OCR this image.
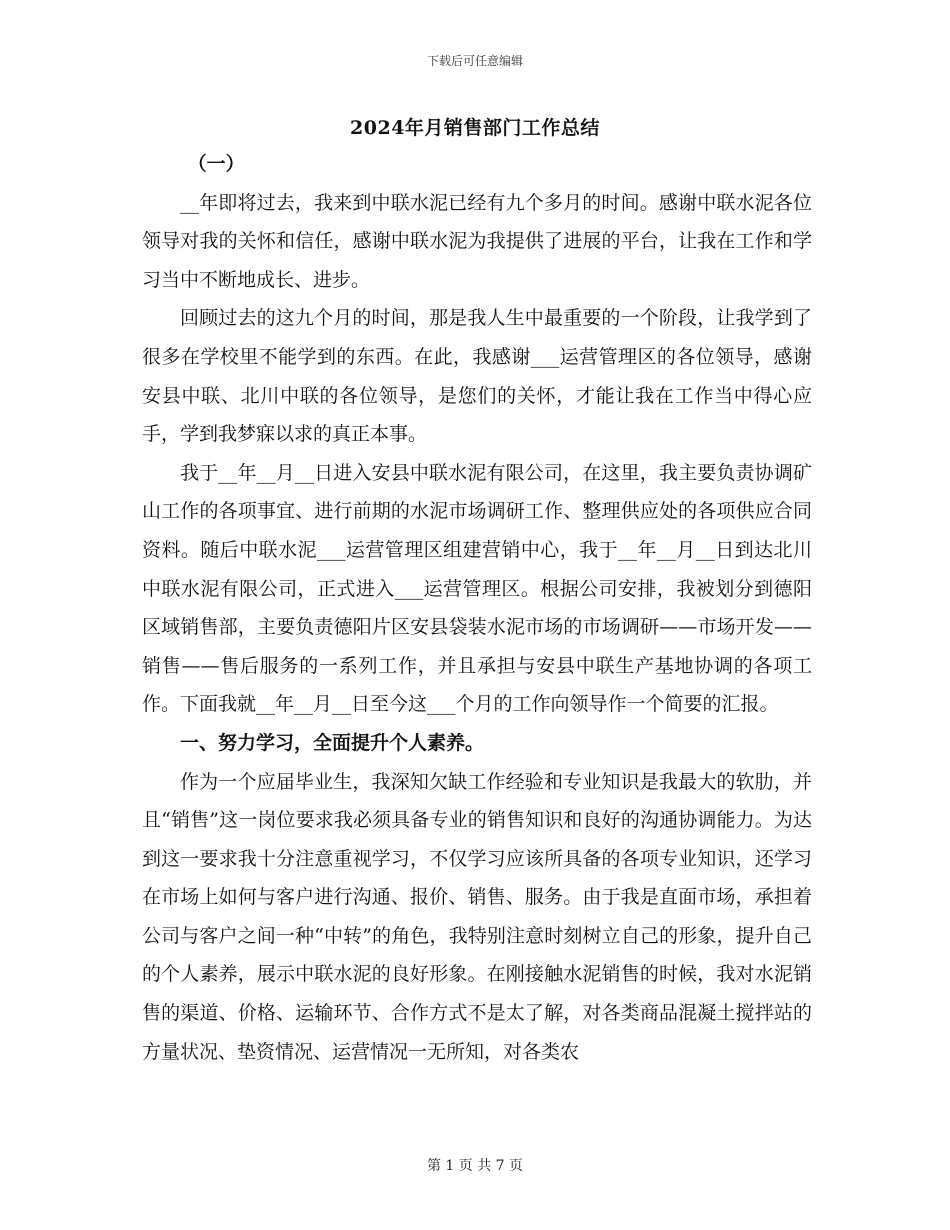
下载后可任意编辑
2024年月销售部门工作总结

（一）

__年即将过去，我来到中联水泥已经有九个多月的时间。感谢中联水泥各位领导对我的关怀和信任，感谢中联水泥为我提供了进展的平台，让我在工作和学习当中不断地成长、进步。

回顾过去的这九个月的时间，那是我人生中最重要的一个阶段，让我学到了很多在学校里不能学到的东西。在此，我感谢___运营管理区的各位领导，感谢安县中联、北川中联的各位领导，是您们的关怀，才能让我在工作当中得心应手，学到我梦寐以求的真正本事。

我于__年__月__日进入安县中联水泥有限公司，在这里，我主要负责协调矿山工作的各项事宜、进行前期的水泥市场调研工作、整理供应处的各项供应合同资料。随后中联水泥___运营管理区组建营销中心，我于__年__月__日到达北川中联水泥有限公司，正式进入___运营管理区。根据公司安排，我被划分到德阳区域销售部，主要负责德阳片区安县袋装水泥市场的市场调研——市场开发——销售——售后服务的一系列工作，并且承担与安县中联生产基地协调的各项工作。下面我就__年__月__日至今这___个月的工作向领导作一个简要的汇报。

一、努力学习，全面提升个人素养。

作为一个应届毕业生，我深知欠缺工作经验和专业知识是我最大的软肋，并且“销售”这一岗位要求我必须具备专业的销售知识和良好的沟通协调能力。为达到这一要求我十分注意重视学习，不仅学习应该所具备的各项专业知识，还学习在市场上如何与客户进行沟通、报价、销售、服务。由于我是直面市场，承担着公司与客户之间一种“中转”的角色，我特别注意时刻树立自己的形象，提升自己的个人素养，展示中联水泥的良好形象。在刚接触水泥销售的时候，我对水泥销售的渠道、价格、运输环节、合作方式不是太了解，对各类商品混凝土搅拌站的方量状况、垫资情况、运营情况一无所知，对各类农

第 1 页 共 7 页
